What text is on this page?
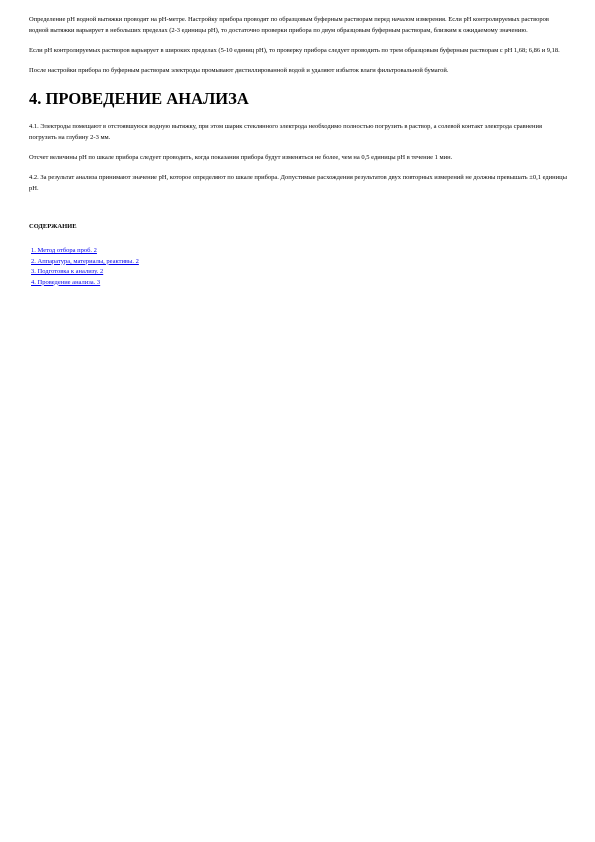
Определение рН водной вытяжки проводят на рН-метре. Настройку прибора проводят по образцовым буферным растворам перед началом измерения. Если рН контролируемых растворов водной вытяжки варьирует в небольших пределах (2-3 единицы рН), то достаточно проверки прибора по двум образцовым буферным растворам, близким к ожидаемому значению.

Если рН контролируемых растворов варьирует в широких пределах (5-10 единиц рН), то проверку прибора следует проводить по трем образцовым буферным растворам с рН 1,68; 6,86 и 9,18.

После настройки прибора по буферным растворам электроды промывают дистиллированной водой и удаляют избыток влаги фильтровальной бумагой.

4. ПРОВЕДЕНИЕ АНАЛИЗА

4.1. Электроды помещают в отстоявшуюся водную вытяжку, при этом шарик стеклянного электрода необходимо полностью погрузить в раствор, а солевой контакт электрода сравнения погрузить на глубину 2-3 мм.

Отсчет величины рН по шкале прибора следует проводить, когда показания прибора будут изменяться не более, чем на 0,5 единицы рН в течение 1 мин.

4.2. За результат анализа принимают значение рН, которое определяют по шкале прибора. Допустимые расхождения результатов двух повторных измерений не должны превышать ±0,1 единицы рН.

СОДЕРЖАНИЕ
1. Метод отбора проб. 2
2. Аппаратура, материалы, реактивы. 2
3. Подготовка к анализу. 2
4. Проведение анализа. 3
